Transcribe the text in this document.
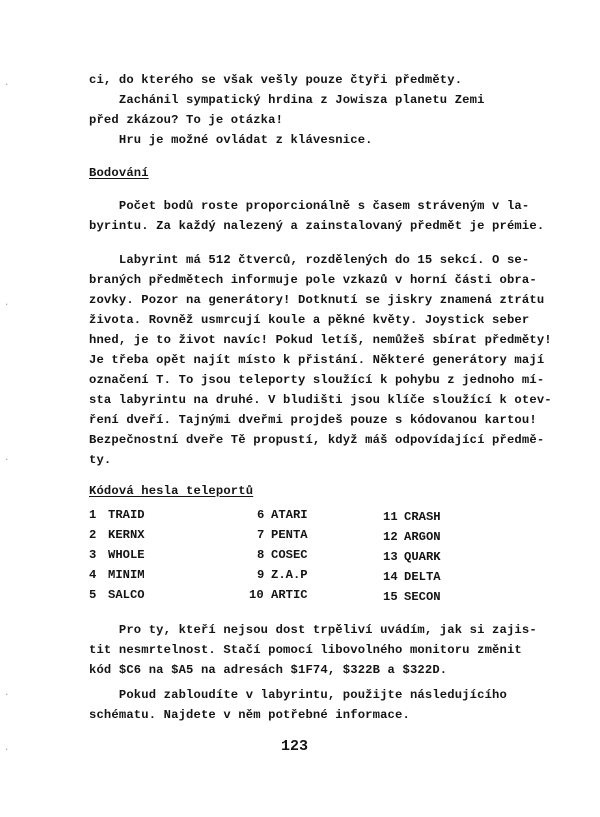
ci, do kterého se však vešly pouze čtyři předměty.
Zachánil sympatický hrdina z Jowisza planetu Zemi
před zkázou? To je otázka!
Hru je možné ovládat z klávesnice.
Bodování
Počet bodů roste proporcionálně s časem stráveným v la-
byrintu. Za každý nalezený a zainstalovaný předmět je prémie.
Labyrint má 512 čtverců, rozdělených do 15 sekcí. O se-
braných předmětech informuje pole vzkazů v horní části obra-
zovky. Pozor na generátory! Dotknutí se jiskry znamená ztrátu
života. Rovněž usmrcují koule a pěkné květy. Joystick seber
hned, je to život navíc! Pokud letíš, nemůžeš sbírat předměty!
Je třeba opět najít místo k přistání. Některé generátory mají
označení T. To jsou teleporty sloužící k pohybu z jednoho mí-
sta labyrintu na druhé. V bludišti jsou klíče sloužící k otev-
ření dveří. Tajnými dveřmi projdeš pouze s kódovanou kartou!
Bezpečnostní dveře Tě propustí, když máš odpovídající předmě-
ty.
Kódová hesla teleportů
1 TRAID
2 KERNX
3 WHOLE
4 MINIM
5 SALCO
6 ATARI
7 PENTA
8 COSEC
9 Z.A.P
10 ARTIC
11 CRASH
12 ARGON
13 QUARK
14 DELTA
15 SECON
Pro ty, kteří nejsou dost trpěliví uvádím, jak si zajis-
tit nesmrtelnost. Stačí pomocí libovolného monitoru změnit
kód $C6 na $A5 na adresách $1F74, $322B a $322D.
Pokud zabloudíte v labyrintu, použijte následujícího
schématu. Najdete v něm potřebné informace.
123
·
·
·
·
·
